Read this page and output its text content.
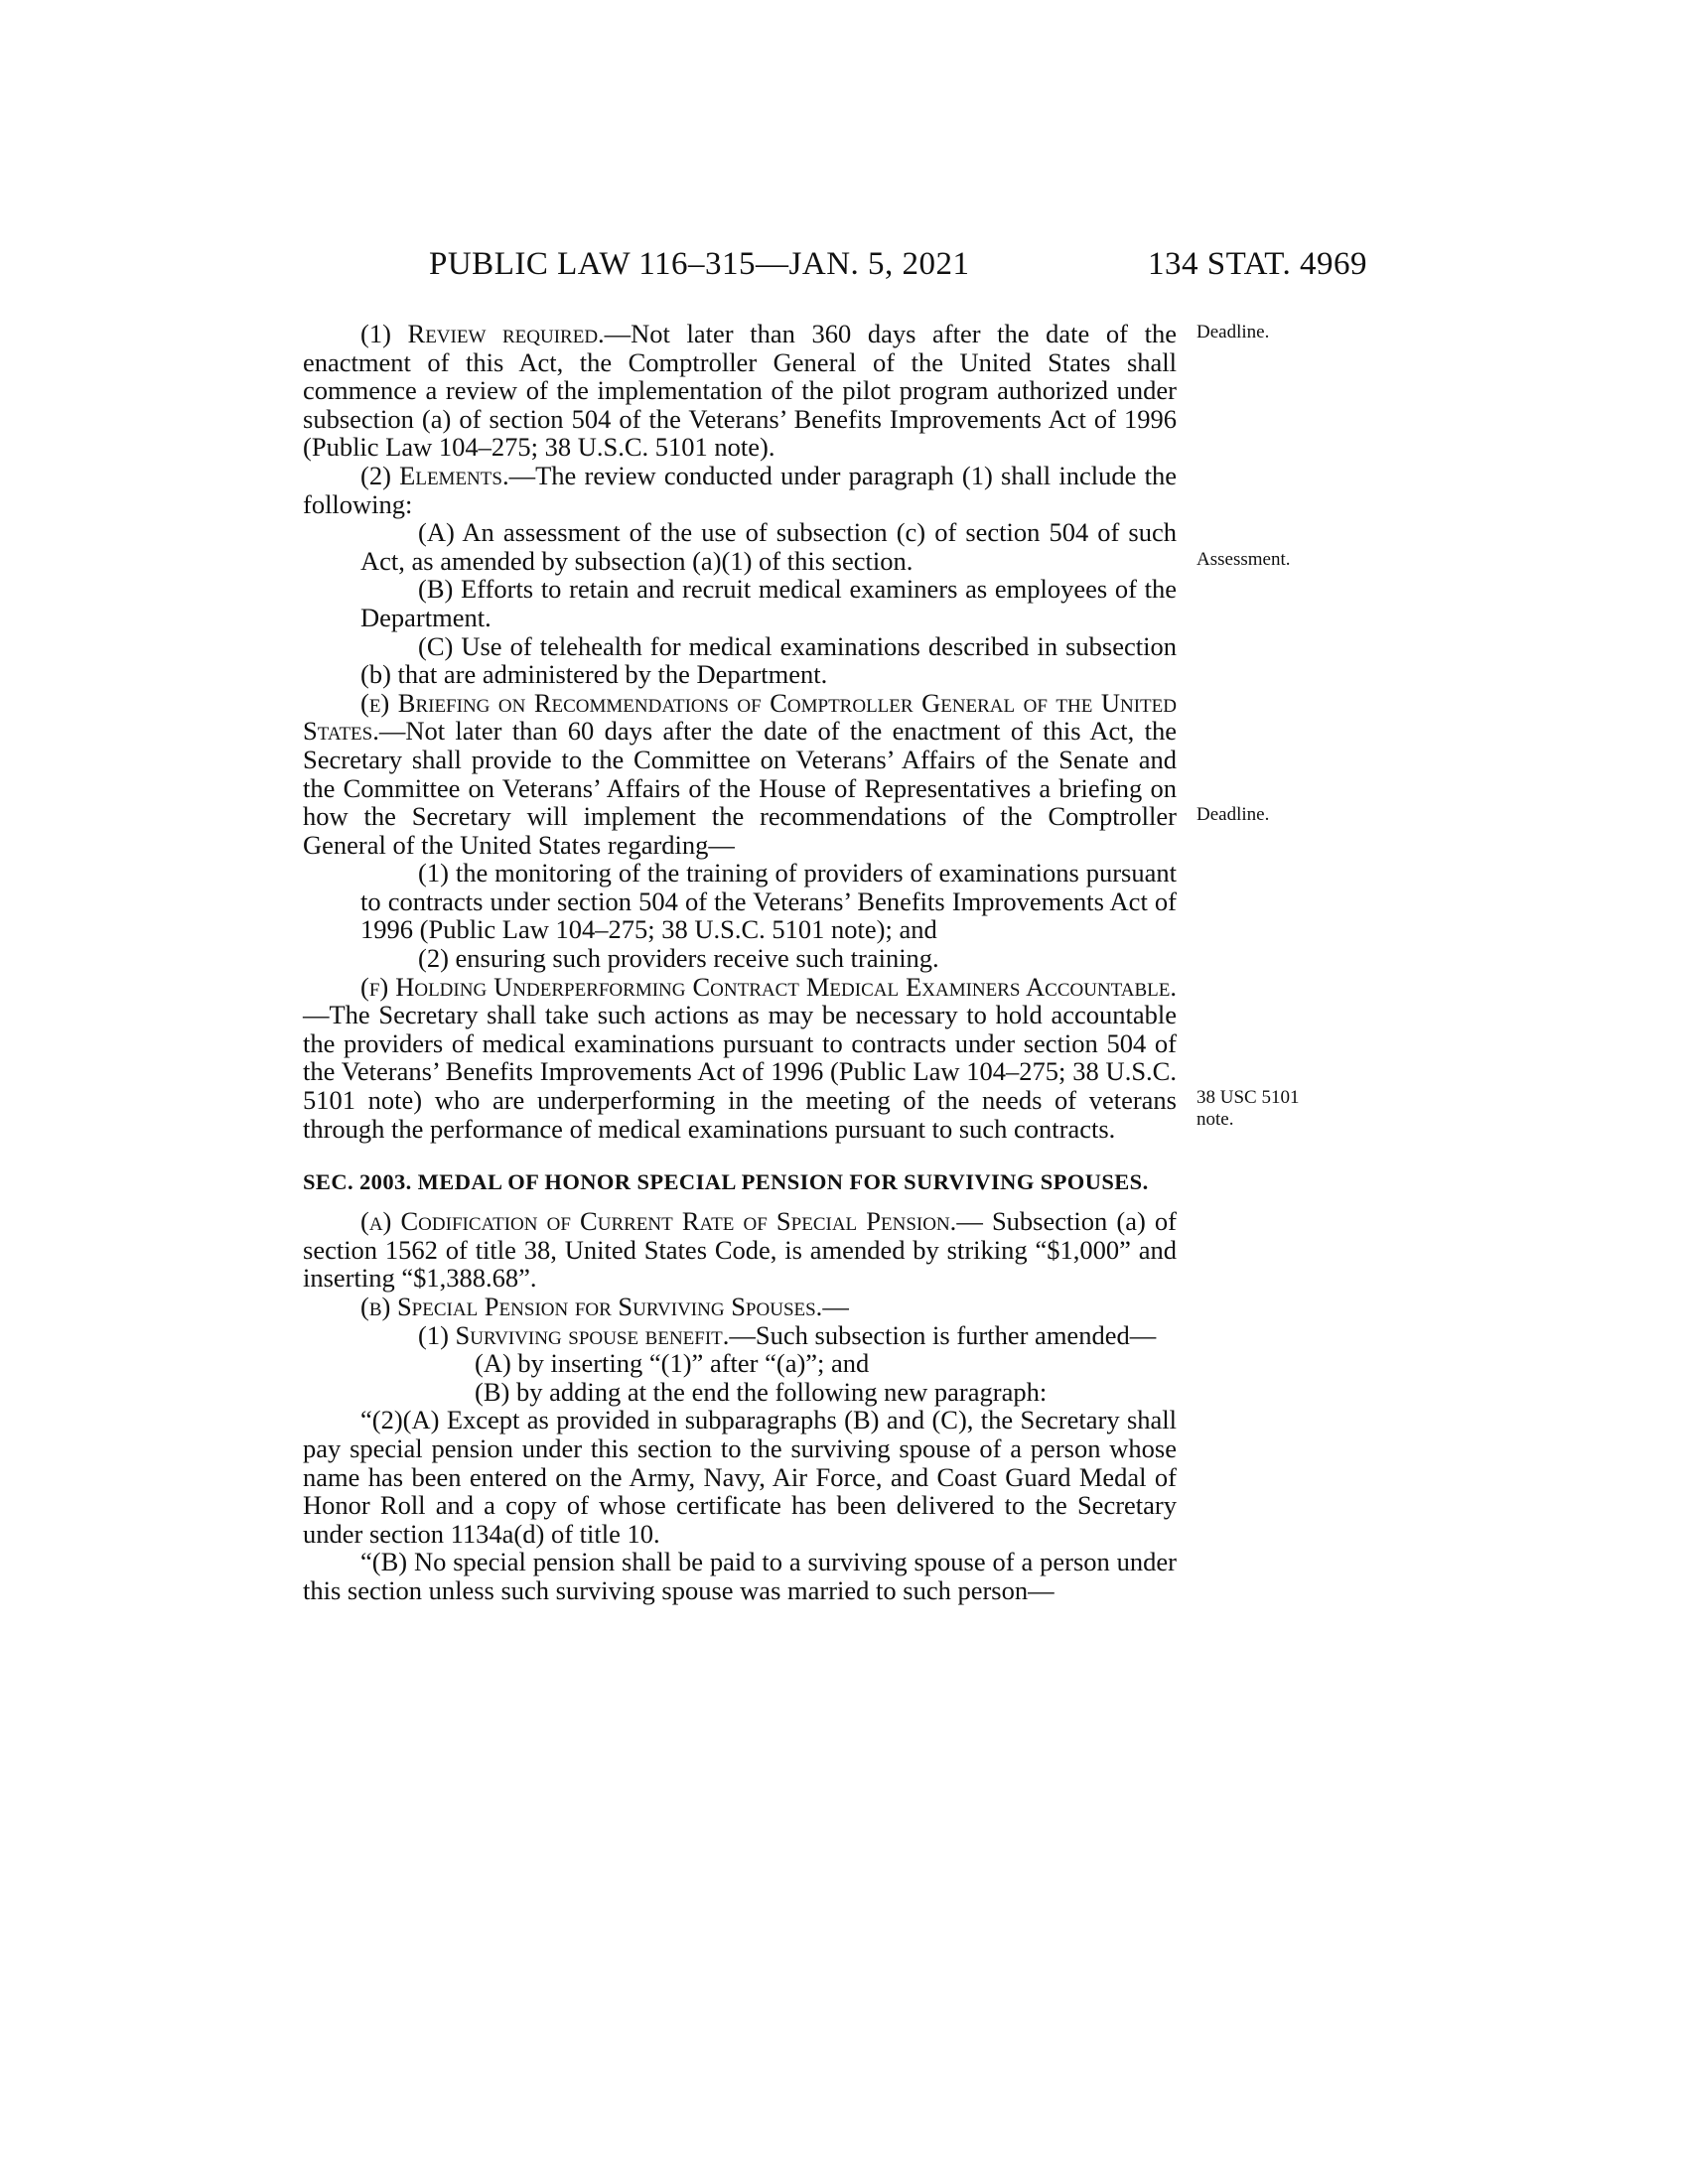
PUBLIC LAW 116–315—JAN. 5, 2021	134 STAT. 4969
Deadline.
Assessment.
Deadline.
38 USC 5101
note.

(1) Review required.—Not later than 360 days after the date of the enactment of this Act, the Comptroller General of the United States shall commence a review of the implementation of the pilot program authorized under subsection (a) of section 504 of the Veterans’ Benefits Improvements Act of 1996 (Public Law 104–275; 38 U.S.C. 5101 note).

(2) Elements.—The review conducted under paragraph (1) shall include the following:

(A) An assessment of the use of subsection (c) of section 504 of such Act, as amended by subsection (a)(1) of this section.

(B) Efforts to retain and recruit medical examiners as employees of the Department.

(C) Use of telehealth for medical examinations described in subsection (b) that are administered by the Department.

(e) Briefing on Recommendations of Comptroller General of the United States.—Not later than 60 days after the date of the enactment of this Act, the Secretary shall provide to the Committee on Veterans’ Affairs of the Senate and the Committee on Veterans’ Affairs of the House of Representatives a briefing on how the Secretary will implement the recommendations of the Comptroller General of the United States regarding—

(1) the monitoring of the training of providers of examinations pursuant to contracts under section 504 of the Veterans’ Benefits Improvements Act of 1996 (Public Law 104–275; 38 U.S.C. 5101 note); and

(2) ensuring such providers receive such training.

(f) Holding Underperforming Contract Medical Examiners Accountable.—The Secretary shall take such actions as may be necessary to hold accountable the providers of medical examinations pursuant to contracts under section 504 of the Veterans’ Benefits Improvements Act of 1996 (Public Law 104–275; 38 U.S.C. 5101 note) who are underperforming in the meeting of the needs of veterans through the performance of medical examinations pursuant to such contracts.

SEC. 2003. MEDAL OF HONOR SPECIAL PENSION FOR SURVIVING SPOUSES.

(a) Codification of Current Rate of Special Pension.— Subsection (a) of section 1562 of title 38, United States Code, is amended by striking “$1,000” and inserting “$1,388.68”.

(b) Special Pension for Surviving Spouses.—

(1) Surviving spouse benefit.—Such subsection is further amended—

(A) by inserting “(1)” after “(a)”; and

(B) by adding at the end the following new paragraph:

“(2)(A) Except as provided in subparagraphs (B) and (C), the Secretary shall pay special pension under this section to the surviving spouse of a person whose name has been entered on the Army, Navy, Air Force, and Coast Guard Medal of Honor Roll and a copy of whose certificate has been delivered to the Secretary under section 1134a(d) of title 10.

“(B) No special pension shall be paid to a surviving spouse of a person under this section unless such surviving spouse was married to such person—
